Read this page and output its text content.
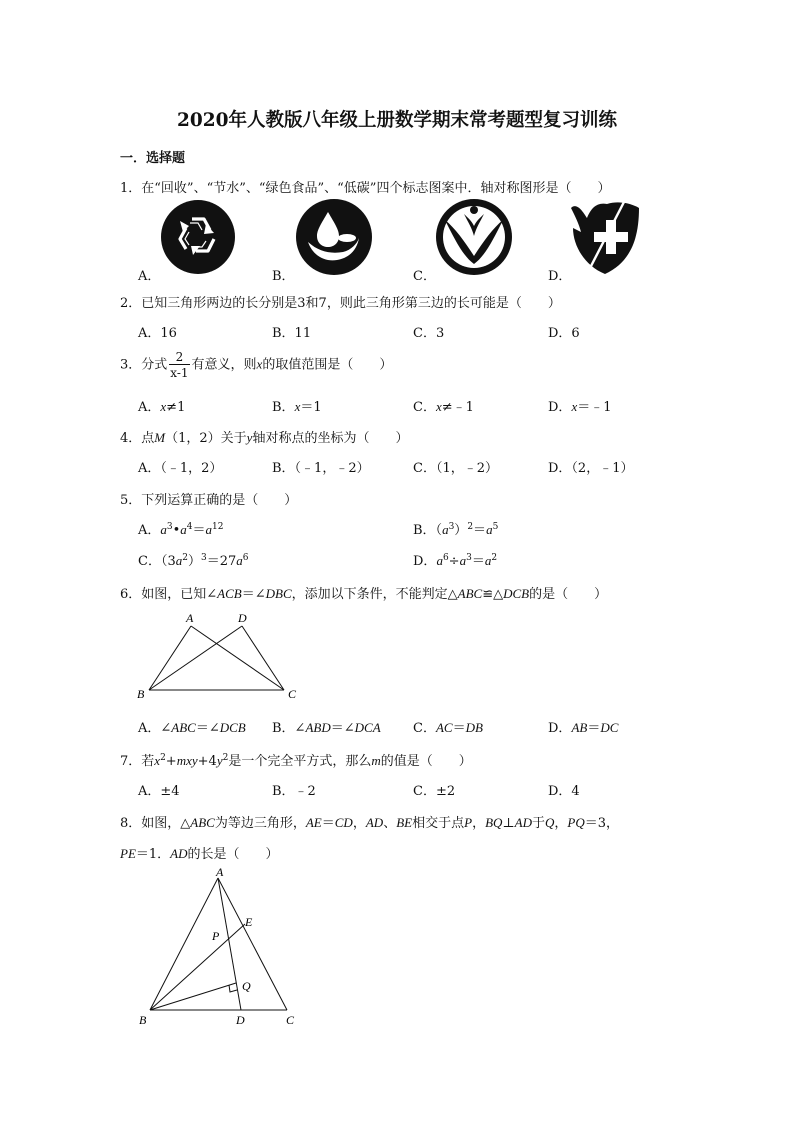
2020年人教版八年级上册数学期末常考题型复习训练
一．选择题
1．在“回收”、“节水”、“绿色食品”、“低碳”四个标志图案中．轴对称图形是（　　）
A．	B．	C．	D．
2．已知三角形两边的长分别是3和7，则此三角形第三边的长可能是（　　）
A．16	B．11	C．3	D．6
3．分式 $\frac{2}{x-1}$ 有意义，则x的取值范围是（　　）
A．x≠1	B．x＝1	C．x≠﹣1	D．x＝﹣1
4．点M（1，2）关于y轴对称点的坐标为（　　）
A．（﹣1，2）	B．（﹣1，﹣2）	C．（1，﹣2）	D．（2，﹣1）
5．下列运算正确的是（　　）
A．$a^3•a^4=a^{12}$	B．$(a^3)^2=a^5$
C．$(3a^2)^3=27a^6$	D．$a^6\div a^3=a^2$
6．如图，已知∠ACB＝∠DBC，添加以下条件，不能判定△ABC≌△DCB的是（　　）
A	D
B	C
A．∠ABC＝∠DCB B．∠ABD＝∠DCA C．AC＝DB	D．AB＝DC
7．若$x^2+mxy+4y^2$是一个完全平方式，那么m的值是（　　）
A．±4	B．﹣2	C．±2	D．4
8．如图，△ABC为等边三角形，AE＝CD，AD、BE相交于点P，BQ⊥AD于Q，PQ＝3，
PE＝1．AD的长是（　　）
A
E
P
Q
B	D	C
